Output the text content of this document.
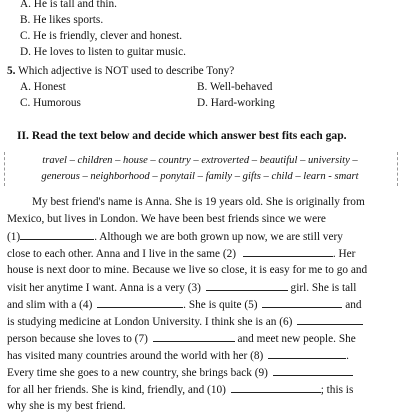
A. He is tall and thin.
B. He likes sports.
C. He is friendly, clever and honest.
D. He loves to listen to guitar music.
5. Which adjective is NOT used to describe Tony?
A. Honest	B. Well-behaved
C. Humorous	D. Hard-working
II. Read the text below and decide which answer best fits each gap.
travel – children – house – country – extroverted – beautiful – university –
generous – neighborhood – ponytail – family – gifts – child – learn - smart
My best friend's name is Anna. She is 19 years old. She is originally from
Mexico, but lives in London. We have been best friends since we were
(1)	. Although we are both grown up now, we are still very
close to each other. Anna and I live in the same (2)	. Her
house is next door to mine. Because we live so close, it is easy for me to go and
visit her anytime I want. Anna is a very (3)	girl. She is tall
and slim with a (4)	. She is quite (5)	and
is studying medicine at London University. I think she is an (6)
person because she loves to (7)	and meet new people. She
has visited many countries around the world with her (8)	.
Every time she goes to a new country, she brings back (9)
for all her friends. She is kind, friendly, and (10)	; this is
why she is my best friend.
